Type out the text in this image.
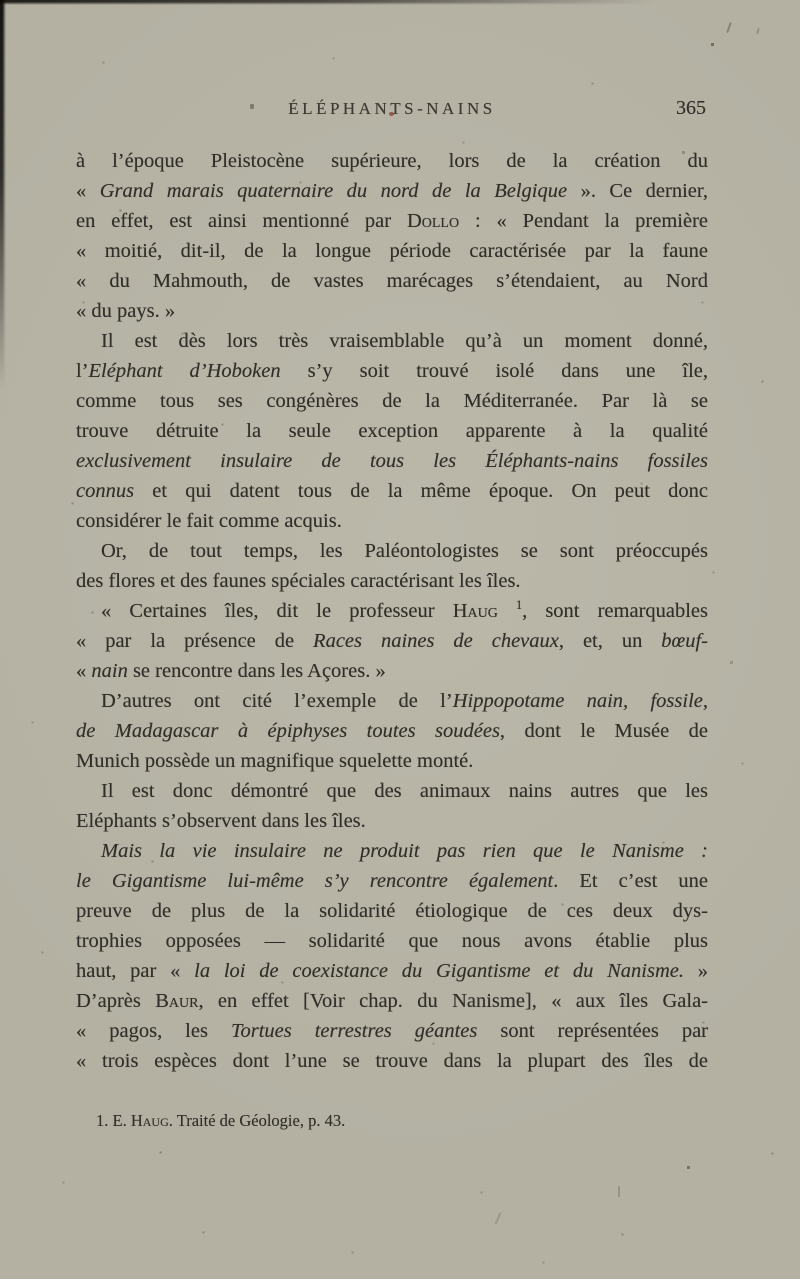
ÉLÉPHANTS-NAINS	365
à l’époque Pleistocène supérieure, lors de la création du
« Grand marais quaternaire du nord de la Belgique ». Ce dernier,
en effet, est ainsi mentionné par Dollo : « Pendant la première
« moitié, dit-il, de la longue période caractérisée par la faune
« du Mahmouth, de vastes marécages s’étendaient, au Nord
« du pays. »
Il est dès lors très vraisemblable qu’à un moment donné,
l’Eléphant d’Hoboken s’y soit trouvé isolé dans une île,
comme tous ses congénères de la Méditerranée. Par là se
trouve détruite la seule exception apparente à la qualité
exclusivement insulaire de tous les Éléphants-nains fossiles
connus et qui datent tous de la même époque. On peut donc
considérer le fait comme acquis.
Or, de tout temps, les Paléontologistes se sont préoccupés
des flores et des faunes spéciales caractérisant les îles.
« Certaines îles, dit le professeur Haug $^1$, sont remarquables
« par la présence de Races naines de chevaux, et, un bœuf-
« nain se rencontre dans les Açores. »
D’autres ont cité l’exemple de l’Hippopotame nain, fossile,
de Madagascar à épiphyses toutes soudées, dont le Musée de
Munich possède un magnifique squelette monté.
Il est donc démontré que des animaux nains autres que les
Eléphants s’observent dans les îles.
Mais la vie insulaire ne produit pas rien que le Nanisme :
le Gigantisme lui-même s’y rencontre également. Et c’est une
preuve de plus de la solidarité étiologique de ces deux dys-
trophies opposées — solidarité que nous avons établie plus
haut, par « la loi de coexistance du Gigantisme et du Nanisme. »
D’après Baur, en effet [Voir chap. du Nanisme], « aux îles Gala-
« pagos, les Tortues terrestres géantes sont représentées par
« trois espèces dont l’une se trouve dans la plupart des îles de
1. E. Haug. Traité de Géologie, p. 43.
